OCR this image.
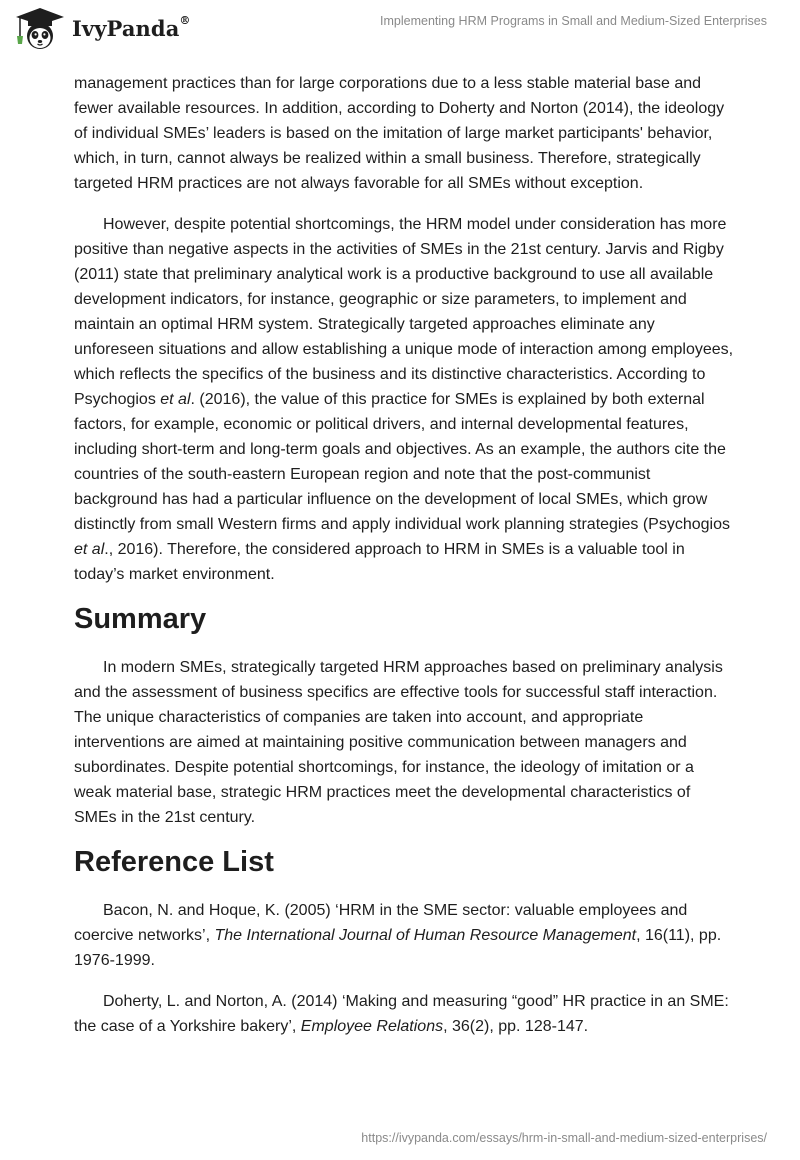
IvyPanda®	Implementing HRM Programs in Small and Medium-Sized Enterprises

management practices than for large corporations due to a less stable material base and fewer available resources. In addition, according to Doherty and Norton (2014), the ideology of individual SMEs’ leaders is based on the imitation of large market participants' behavior, which, in turn, cannot always be realized within a small business. Therefore, strategically targeted HRM practices are not always favorable for all SMEs without exception.

However, despite potential shortcomings, the HRM model under consideration has more positive than negative aspects in the activities of SMEs in the 21st century. Jarvis and Rigby (2011) state that preliminary analytical work is a productive background to use all available development indicators, for instance, geographic or size parameters, to implement and maintain an optimal HRM system. Strategically targeted approaches eliminate any unforeseen situations and allow establishing a unique mode of interaction among employees, which reflects the specifics of the business and its distinctive characteristics. According to Psychogios et al. (2016), the value of this practice for SMEs is explained by both external factors, for example, economic or political drivers, and internal developmental features, including short-term and long-term goals and objectives. As an example, the authors cite the countries of the south-eastern European region and note that the post-communist background has had a particular influence on the development of local SMEs, which grow distinctly from small Western firms and apply individual work planning strategies (Psychogios et al., 2016). Therefore, the considered approach to HRM in SMEs is a valuable tool in today’s market environment.

Summary

In modern SMEs, strategically targeted HRM approaches based on preliminary analysis and the assessment of business specifics are effective tools for successful staff interaction. The unique characteristics of companies are taken into account, and appropriate interventions are aimed at maintaining positive communication between managers and subordinates. Despite potential shortcomings, for instance, the ideology of imitation or a weak material base, strategic HRM practices meet the developmental characteristics of SMEs in the 21st century.

Reference List

Bacon, N. and Hoque, K. (2005) ‘HRM in the SME sector: valuable employees and coercive networks’, The International Journal of Human Resource Management, 16(11), pp. 1976-1999.

Doherty, L. and Norton, A. (2014) ‘Making and measuring “good” HR practice in an SME: the case of a Yorkshire bakery’, Employee Relations, 36(2), pp. 128-147.

https://ivypanda.com/essays/hrm-in-small-and-medium-sized-enterprises/
